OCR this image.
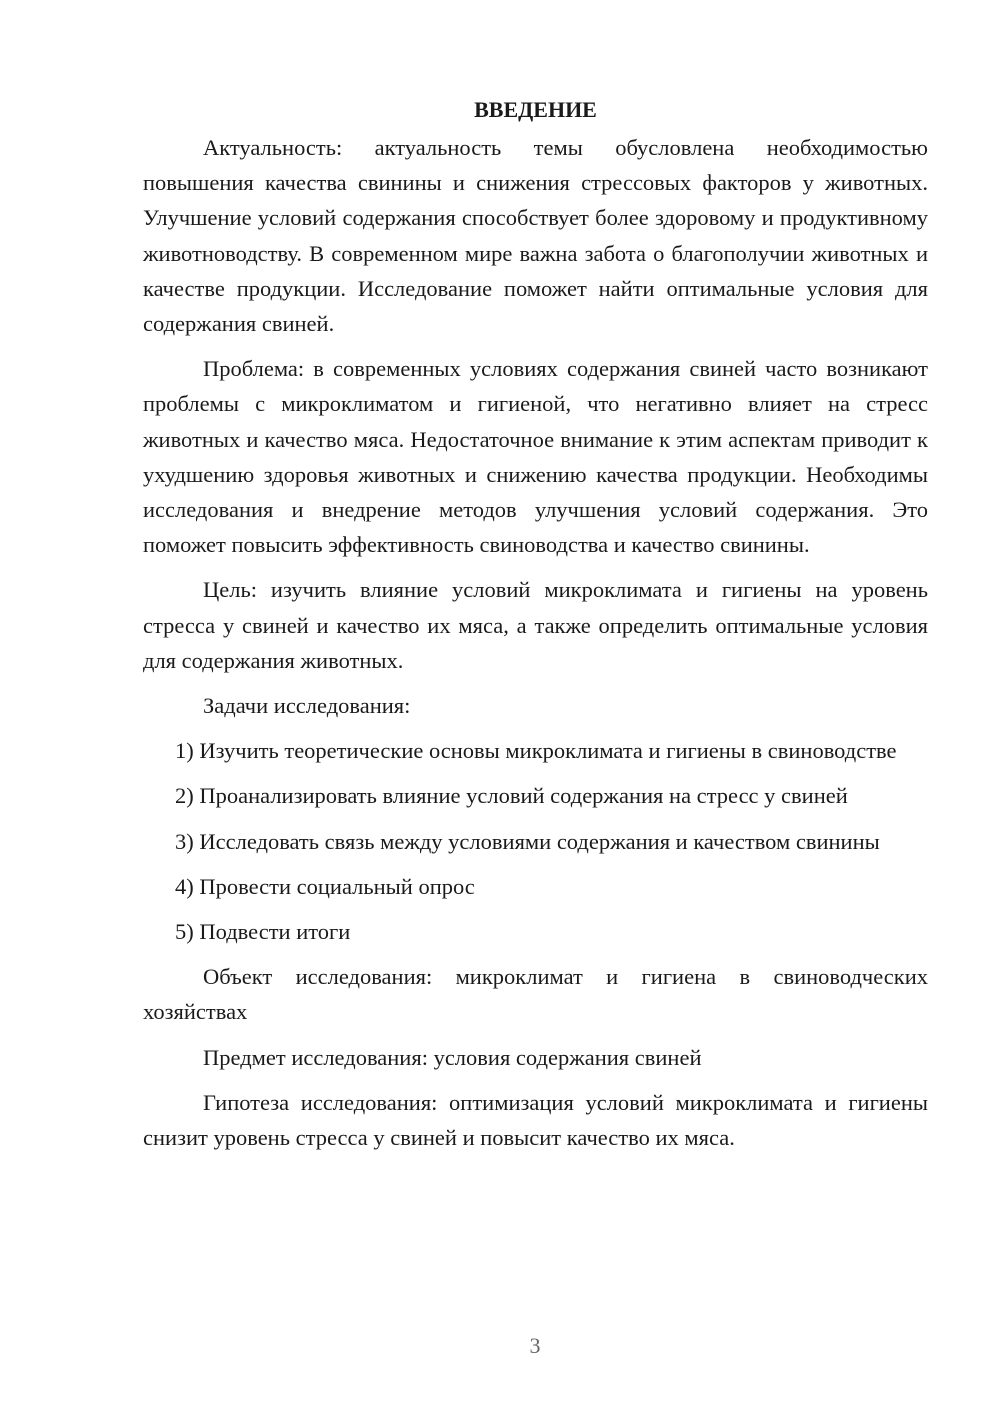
ВВЕДЕНИЕ

Актуальность: актуальность темы обусловлена необходимостью повышения качества свинины и снижения стрессовых факторов у животных. Улучшение условий содержания способствует более здоровому и продуктивному животноводству. В современном мире важна забота о благополучии животных и качестве продукции. Исследование поможет найти оптимальные условия для содержания свиней.

Проблема: в современных условиях содержания свиней часто возникают проблемы с микроклиматом и гигиеной, что негативно влияет на стресс животных и качество мяса. Недостаточное внимание к этим аспектам приводит к ухудшению здоровья животных и снижению качества продукции. Необходимы исследования и внедрение методов улучшения условий содержания. Это поможет повысить эффективность свиноводства и качество свинины.

Цель: изучить влияние условий микроклимата и гигиены на уровень стресса у свиней и качество их мяса, а также определить оптимальные условия для содержания животных.

Задачи исследования:

1) Изучить теоретические основы микроклимата и гигиены в свиноводстве

2) Проанализировать влияние условий содержания на стресс у свиней

3) Исследовать связь между условиями содержания и качеством свинины

4) Провести социальный опрос

5) Подвести итоги

Объект исследования: микроклимат и гигиена в свиноводческих хозяйствах

Предмет исследования: условия содержания свиней

Гипотеза исследования: оптимизация условий микроклимата и гигиены снизит уровень стресса у свиней и повысит качество их мяса.

3
